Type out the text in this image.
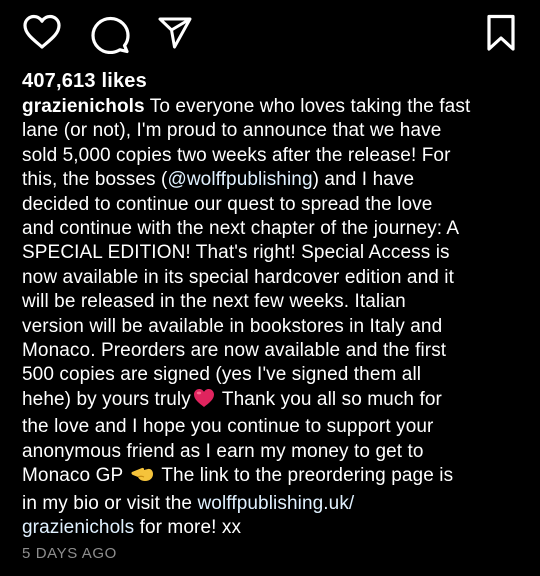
407,613 likes

grazienichols To everyone who loves taking the fast
lane (or not), I'm proud to announce that we have
sold 5,000 copies two weeks after the release! For
this, the bosses (@wolffpublishing) and I have
decided to continue our quest to spread the love
and continue with the next chapter of the journey: A
SPECIAL EDITION! That's right! Special Access is
now available in its special hardcover edition and it
will be released in the next few weeks. Italian
version will be available in bookstores in Italy and
Monaco. Preorders are now available and the first
500 copies are signed (yes I've signed them all
hehe) by yours truly Thank you all so much for
the love and I hope you continue to support your
anonymous friend as I earn my money to get to
Monaco GP The link to the preordering page is
in my bio or visit the wolffpublishing.uk/
grazienichols for more! xx

5 DAYS AGO
